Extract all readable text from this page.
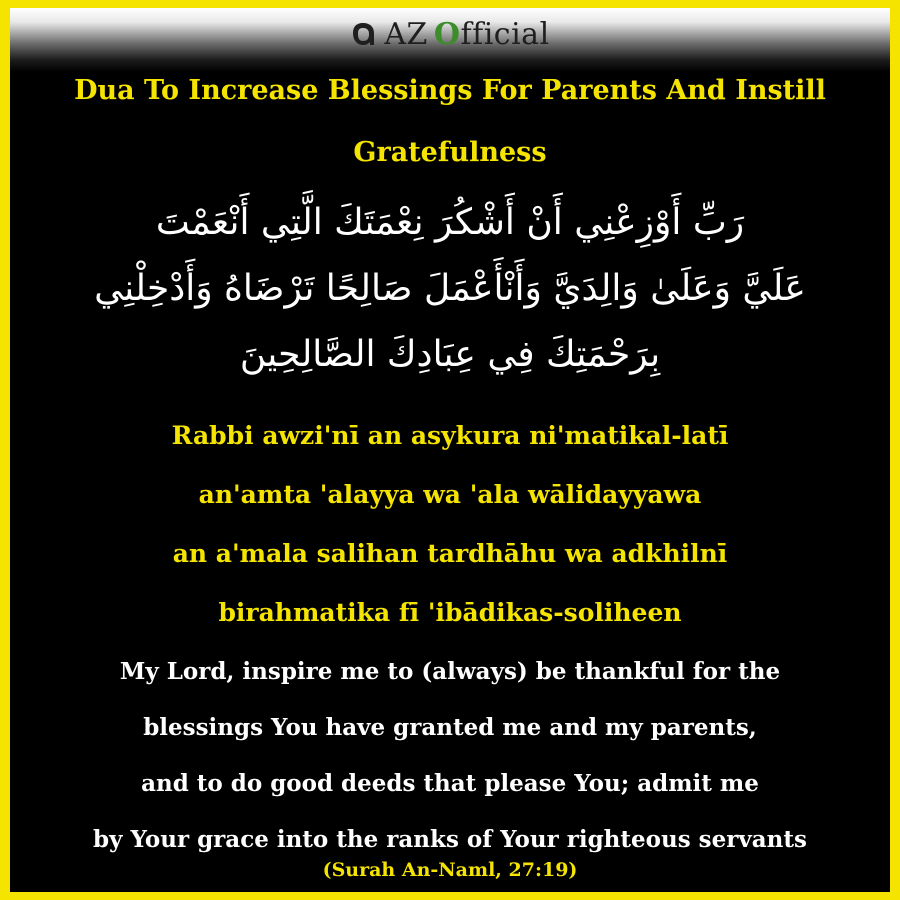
AZ O fficial
Dua To Increase Blessings For Parents And Instill
Gratefulness
رَبِّ أَوْزِعْنِي أَنْ أَشْكُرَ نِعْمَتَكَ الَّتِي أَنْعَمْتَ
عَلَيَّ وَعَلَىٰ وَالِدَيَّ وَأَنْأَعْمَلَ صَالِحًا تَرْضَاهُ وَأَدْخِلْنِي
بِرَحْمَتِكَ فِي عِبَادِكَ الصَّالِحِينَ
Rabbi awzi'nī an asykura ni'matikal-latī
an'amta 'alayya wa 'ala wālidayyawa
an a'mala salihan tardhāhu wa adkhilnī
birahmatika fī 'ibādikas-soliheen
My Lord, inspire me to (always) be thankful for the
blessings You have granted me and my parents,
and to do good deeds that please You; admit me
by Your grace into the ranks of Your righteous servants
(Surah An-Naml, 27:19)
